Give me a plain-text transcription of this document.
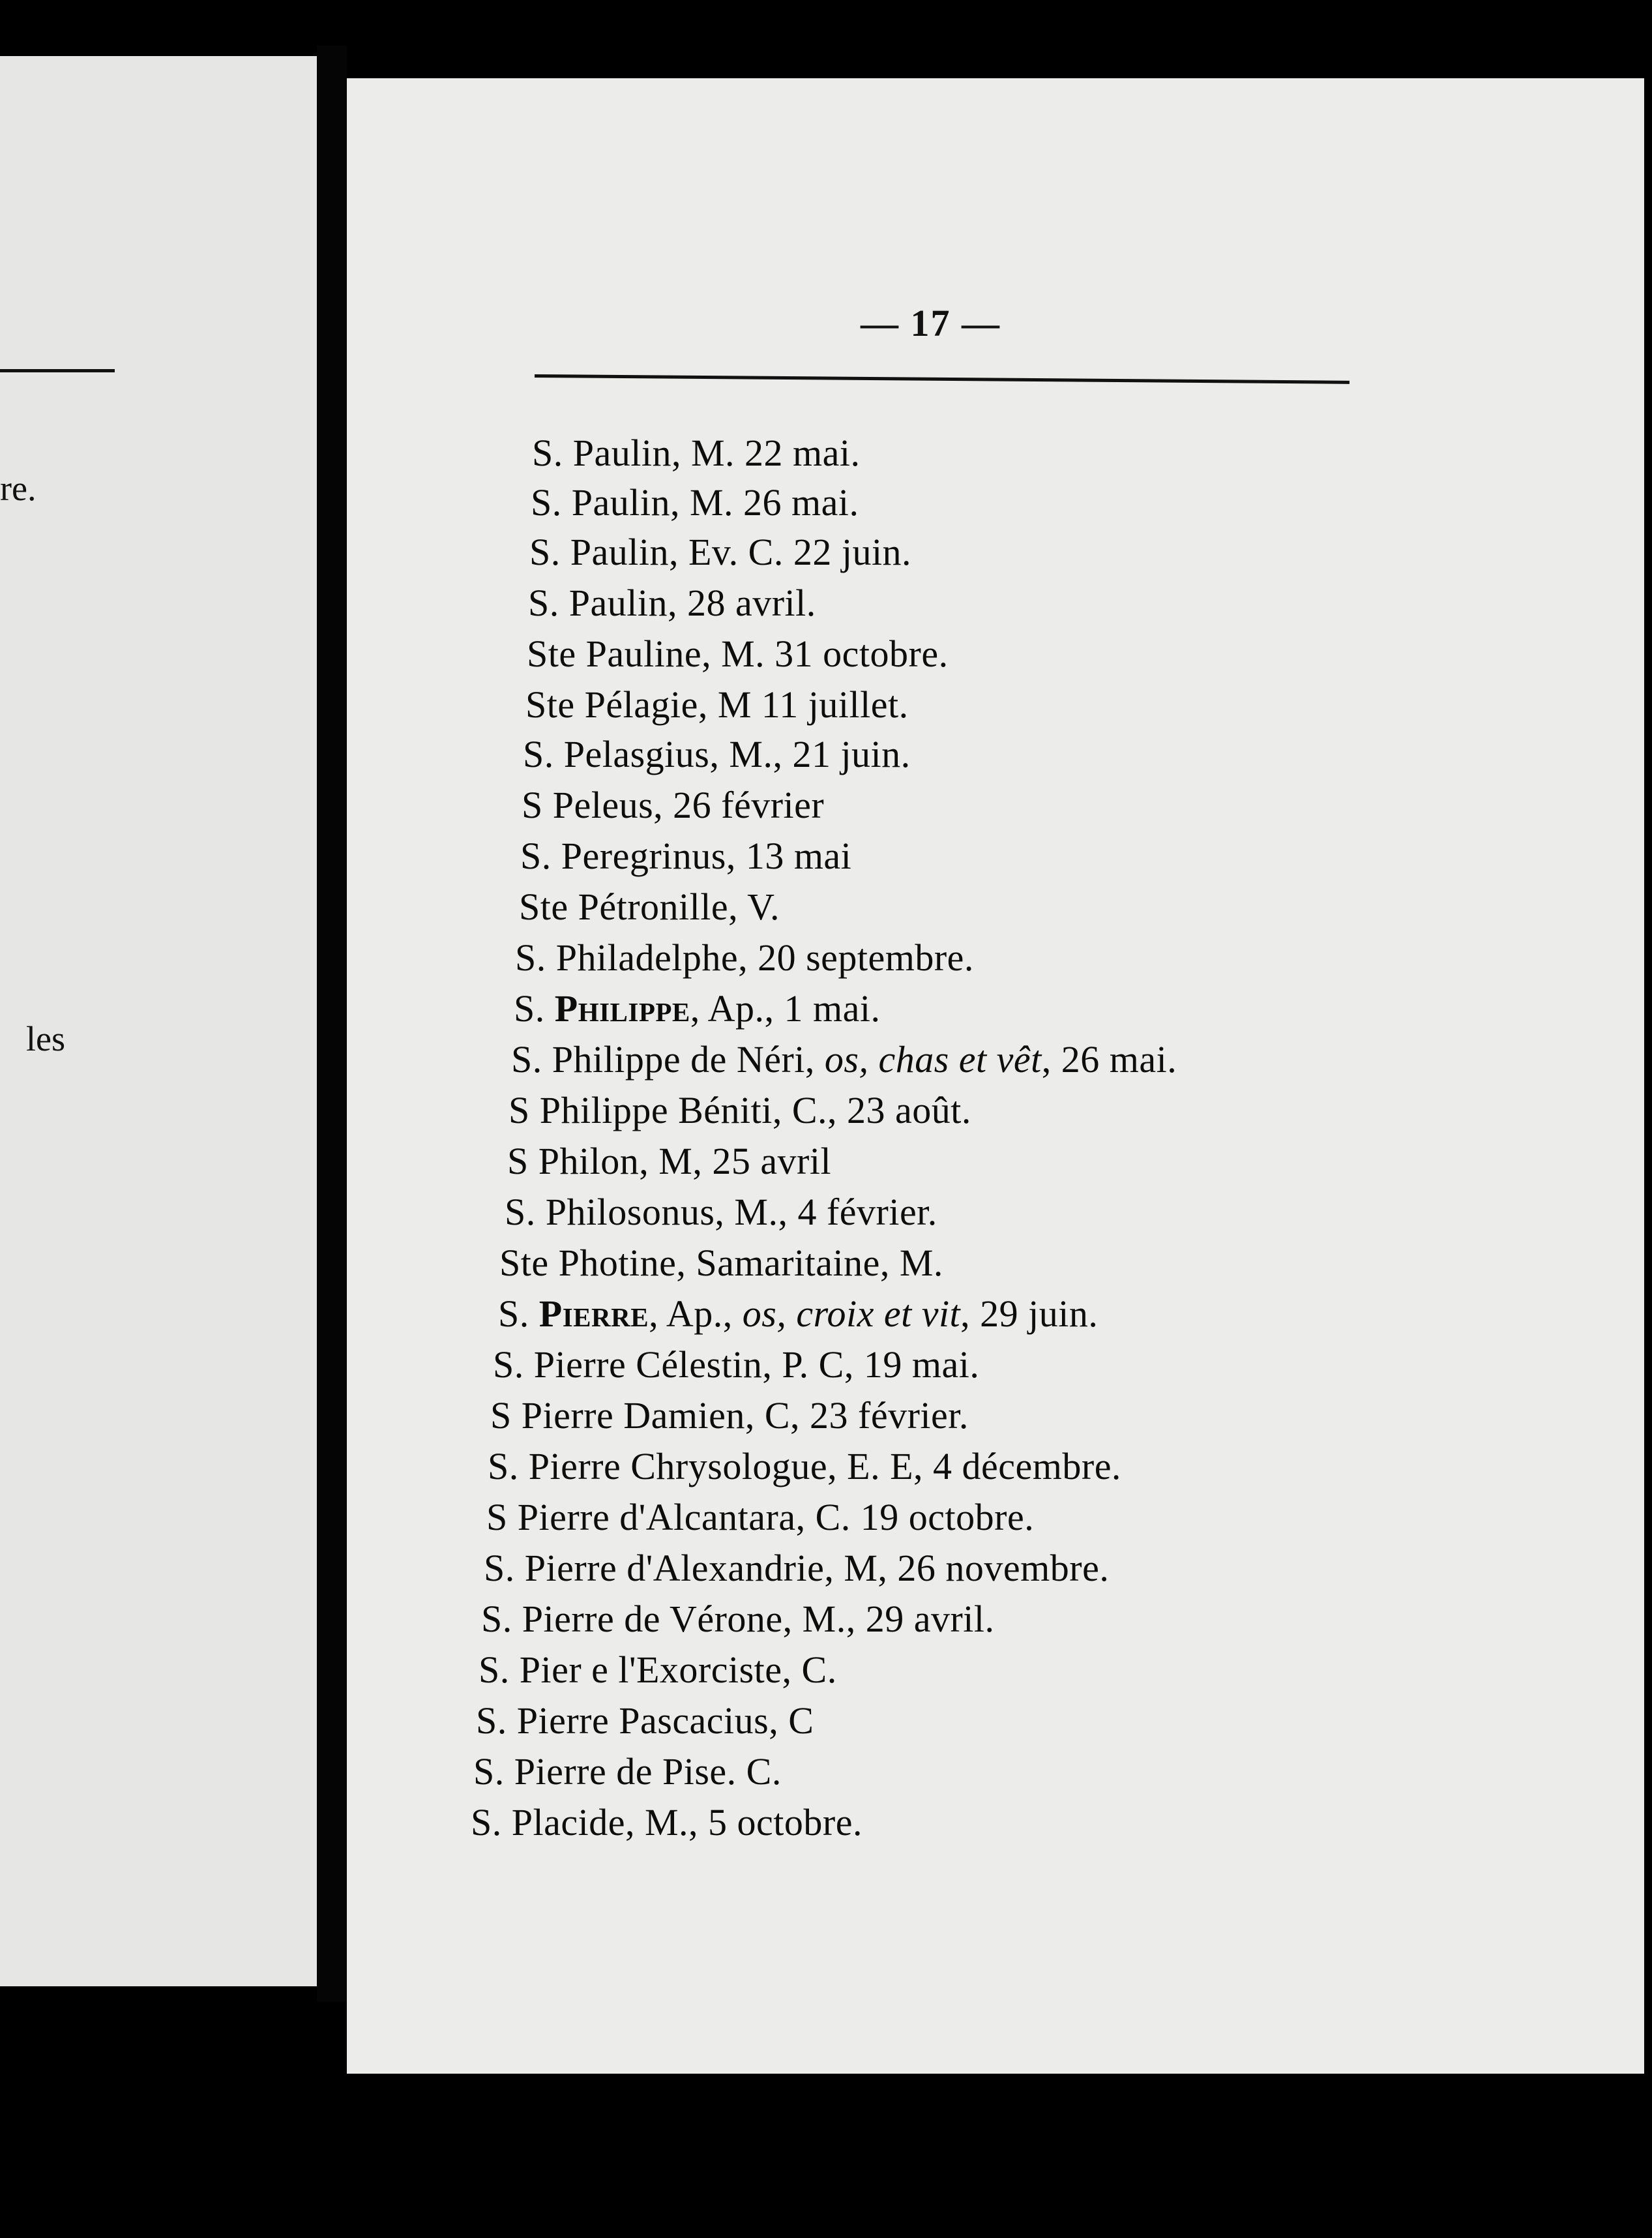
re.
les
— 17 —
S. Paulin, M. 22 mai.
S. Paulin, M. 26 mai.
S. Paulin, Ev. C. 22 juin.
S. Paulin, 28 avril.
Ste Pauline, M. 31 octobre.
Ste Pélagie, M 11 juillet.
S. Pelasgius, M., 21 juin.
S Peleus, 26 février
S. Peregrinus, 13 mai
Ste Pétronille, V.
S. Philadelphe, 20 septembre.
S. Philippe, Ap., 1 mai.
S. Philippe de Néri, os, chas et vêt, 26 mai.
S Philippe Béniti, C., 23 août.
S Philon, M, 25 avril
S. Philosonus, M., 4 février.
Ste Photine, Samaritaine, M.
S. Pierre, Ap., os, croix et vit, 29 juin.
S. Pierre Célestin, P. C, 19 mai.
S Pierre Damien, C, 23 février.
S. Pierre Chrysologue, E. E, 4 décembre.
S Pierre d'Alcantara, C. 19 octobre.
S. Pierre d'Alexandrie, M, 26 novembre.
S. Pierre de Vérone, M., 29 avril.
S. Pier e l'Exorciste, C.
S. Pierre Pascacius, C
S. Pierre de Pise. C.
S. Placide, M., 5 octobre.
